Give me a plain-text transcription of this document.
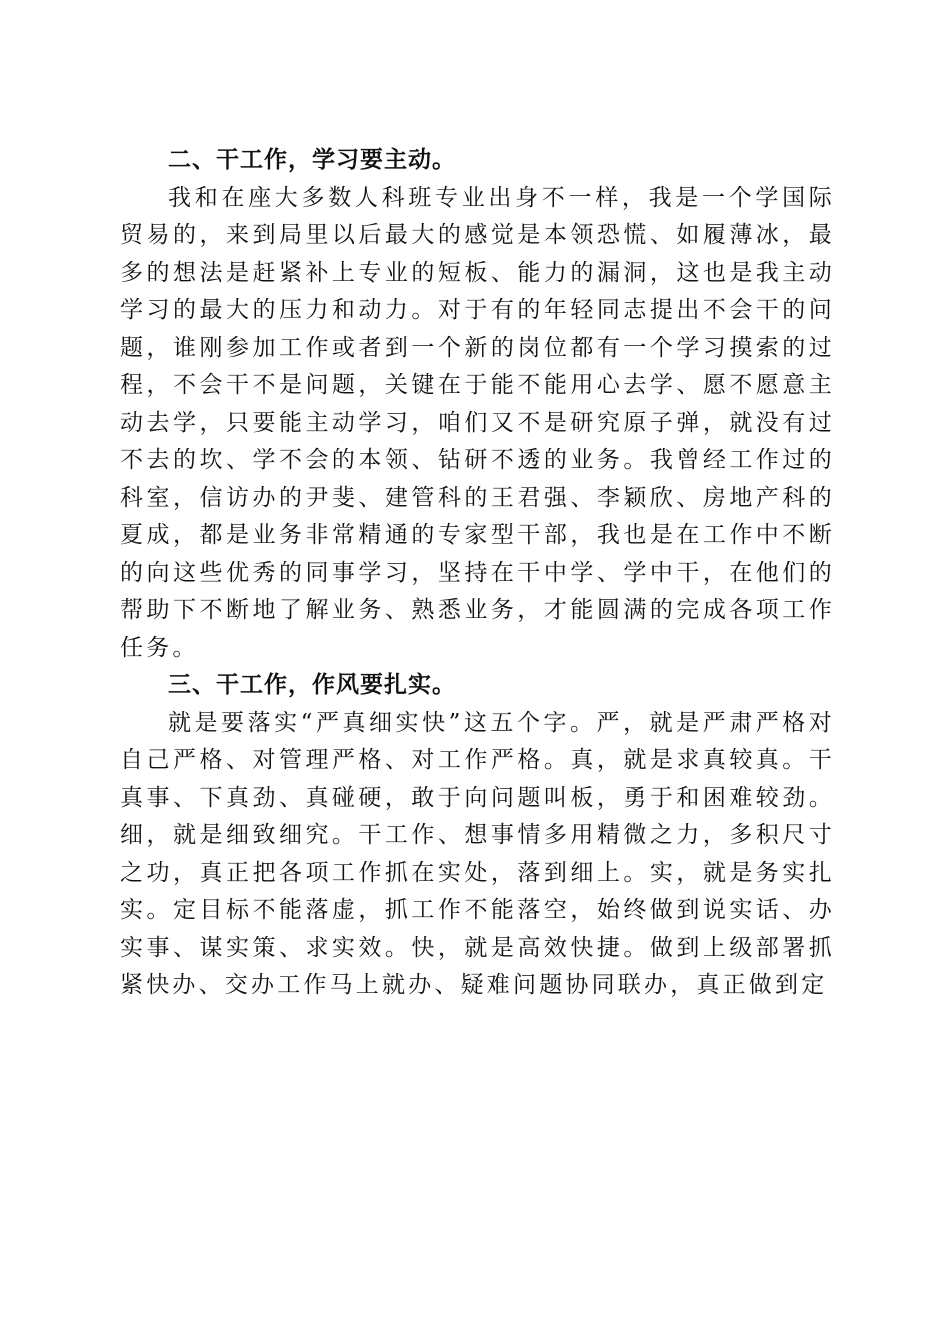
二、干工作，学习要主动。

我和在座大多数人科班专业出身不一样，我是一个学国际贸易的，来到局里以后最大的感觉是本领恐慌、如履薄冰，最多的想法是赶紧补上专业的短板、能力的漏洞，这也是我主动学习的最大的压力和动力。对于有的年轻同志提出不会干的问题，谁刚参加工作或者到一个新的岗位都有一个学习摸索的过程，不会干不是问题，关键在于能不能用心去学、愿不愿意主动去学，只要能主动学习，咱们又不是研究原子弹，就没有过不去的坎、学不会的本领、钻研不透的业务。我曾经工作过的科室，信访办的尹斐、建管科的王君强、李颖欣、房地产科的夏成，都是业务非常精通的专家型干部，我也是在工作中不断的向这些优秀的同事学习，坚持在干中学、学中干，在他们的帮助下不断地了解业务、熟悉业务，才能圆满的完成各项工作任务。

三、干工作，作风要扎实。

就是要落实“严真细实快”这五个字。严，就是严肃严格对自己严格、对管理严格、对工作严格。真，就是求真较真。干真事、下真劲、真碰硬，敢于向问题叫板，勇于和困难较劲。细，就是细致细究。干工作、想事情多用精微之力，多积尺寸之功，真正把各项工作抓在实处，落到细上。实，就是务实扎实。定目标不能落虚，抓工作不能落空，始终做到说实话、办实事、谋实策、求实效。快，就是高效快捷。做到上级部署抓紧快办、交办工作马上就办、疑难问题协同联办，真正做到定
